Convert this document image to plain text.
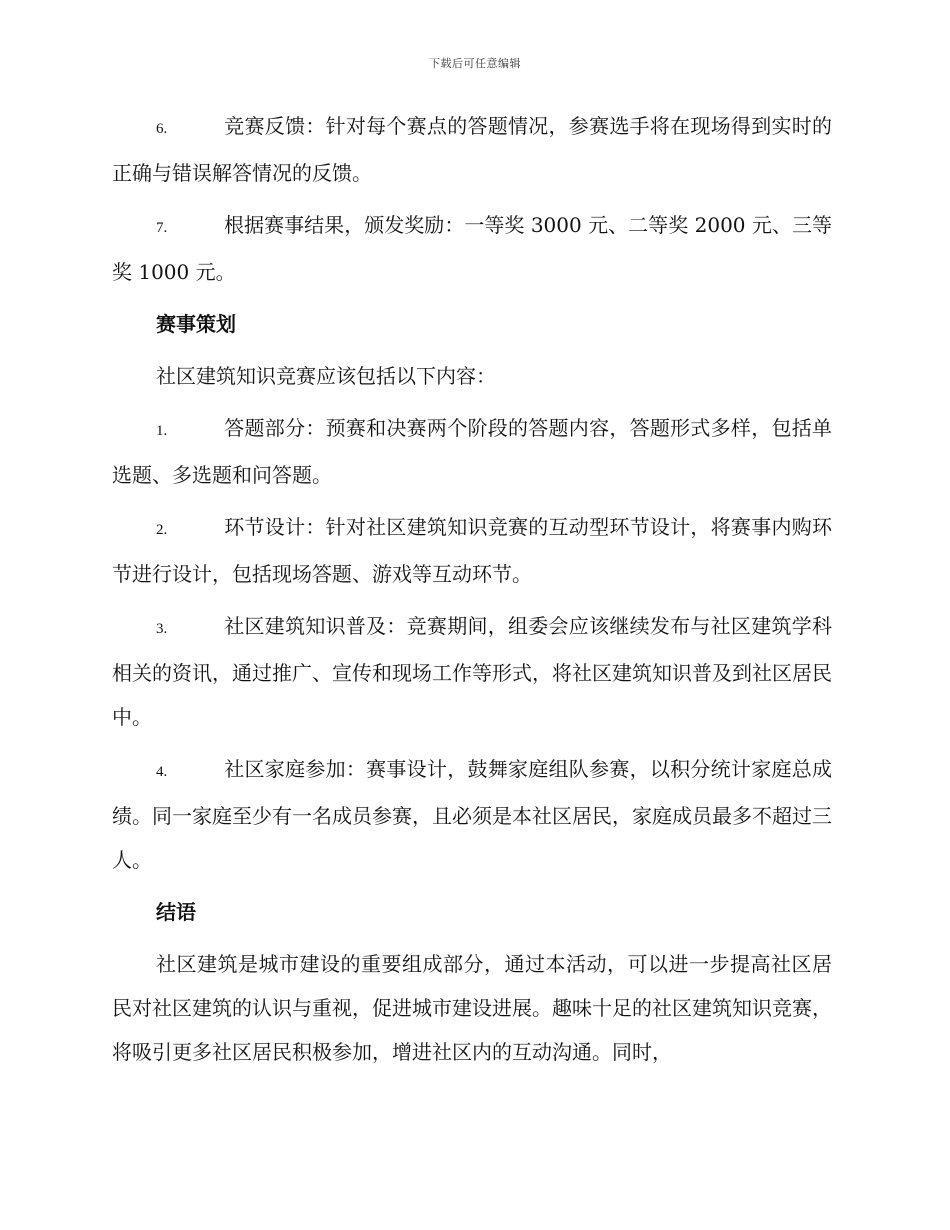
下载后可任意编辑

6.	竞赛反馈：针对每个赛点的答题情况，参赛选手将在现场得到实时的正确与错误解答情况的反馈。

7.	根据赛事结果，颁发奖励：一等奖 3000 元、二等奖 2000 元、三等奖 1000 元。

赛事策划

社区建筑知识竞赛应该包括以下内容：

1.	答题部分：预赛和决赛两个阶段的答题内容，答题形式多样，包括单选题、多选题和问答题。

2.	环节设计：针对社区建筑知识竞赛的互动型环节设计，将赛事内购环节进行设计，包括现场答题、游戏等互动环节。

3.	社区建筑知识普及：竞赛期间，组委会应该继续发布与社区建筑学科相关的资讯，通过推广、宣传和现场工作等形式，将社区建筑知识普及到社区居民中。

4.	社区家庭参加：赛事设计，鼓舞家庭组队参赛，以积分统计家庭总成绩。同一家庭至少有一名成员参赛，且必须是本社区居民，家庭成员最多不超过三人。

结语

社区建筑是城市建设的重要组成部分，通过本活动，可以进一步提高社区居民对社区建筑的认识与重视，促进城市建设进展。趣味十足的社区建筑知识竞赛，将吸引更多社区居民积极参加，增进社区内的互动沟通。同时，
